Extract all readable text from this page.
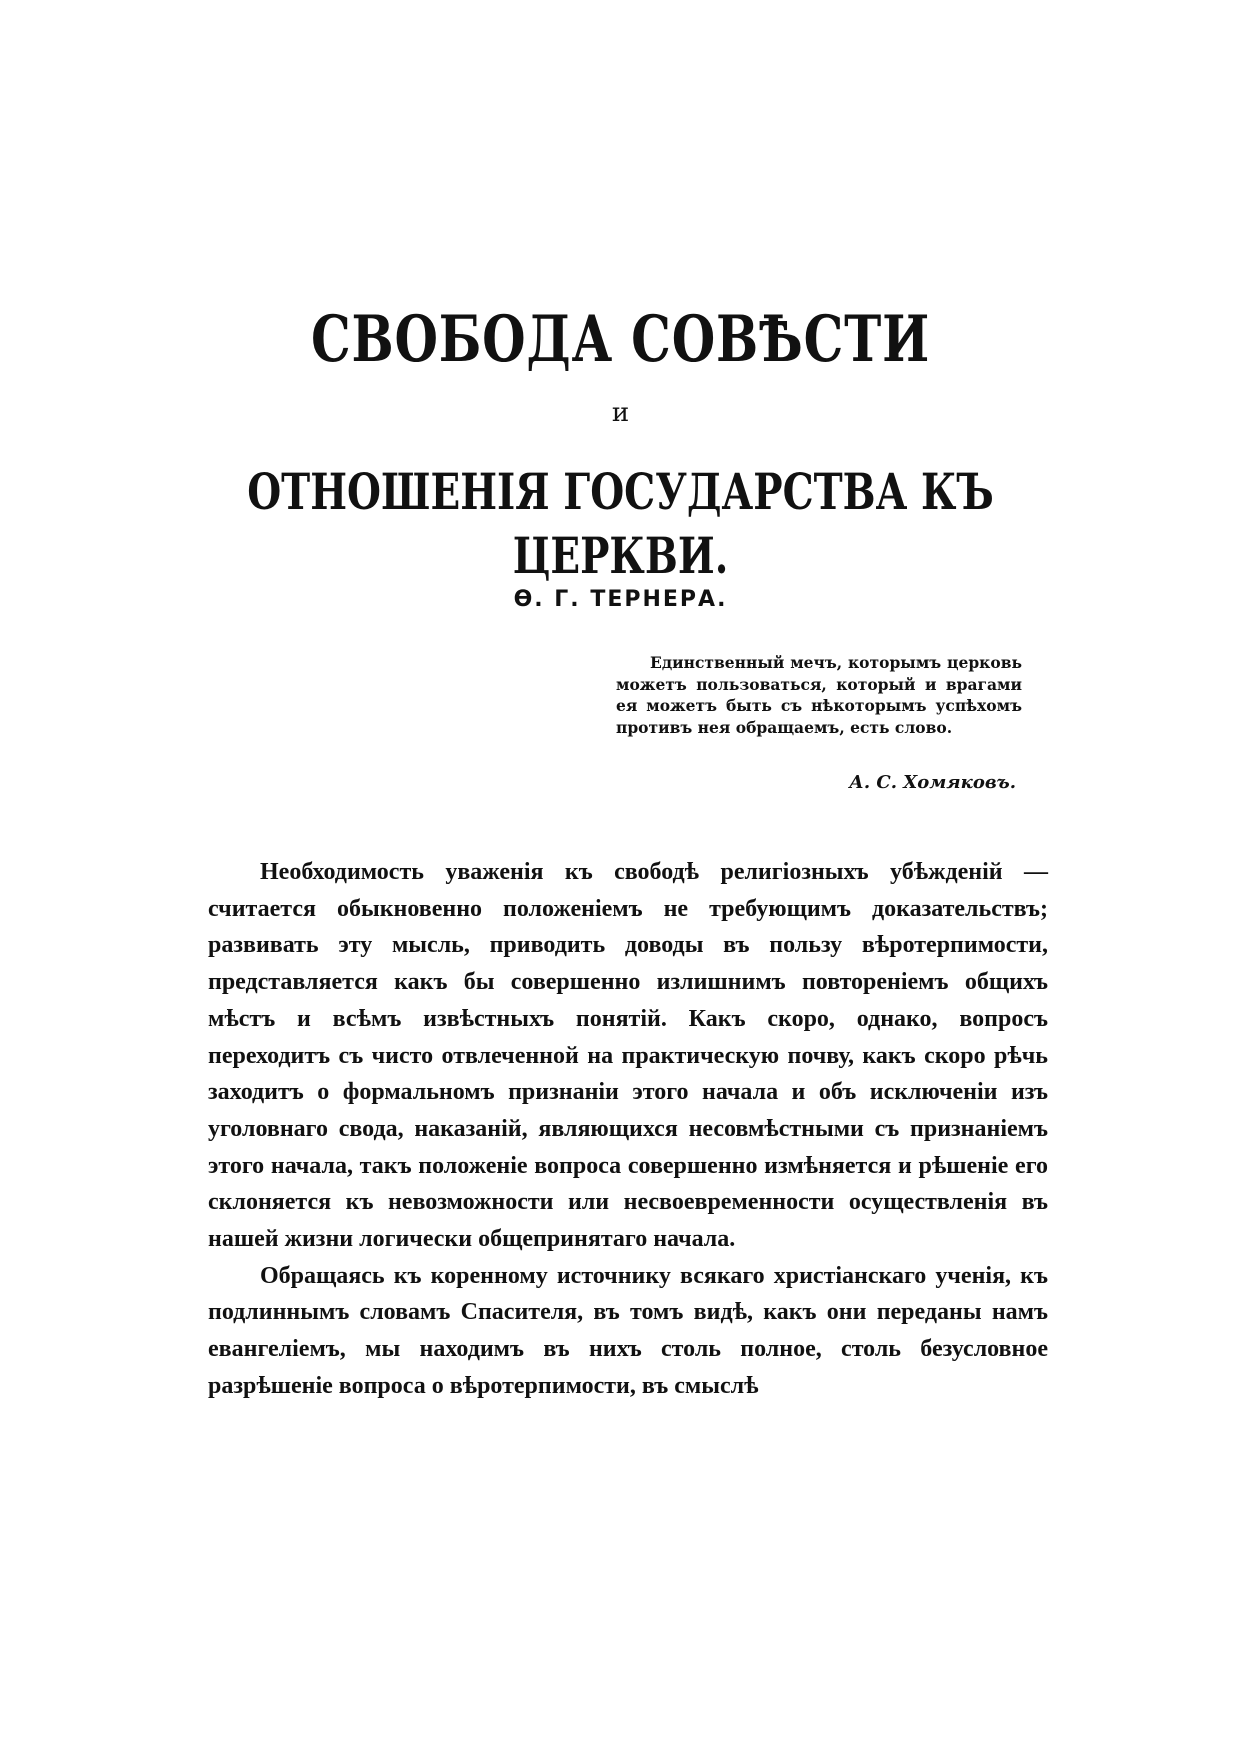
СВОБОДА СОВѢСТИ
и
ОТНОШЕНІЯ ГОСУДАРСТВА КЪ ЦЕРКВИ.
Ѳ. Г. ТЕРНЕРА.
Единственный мечъ, которымъ церковь можетъ пользоваться, который и врагами ея можетъ быть съ нѣкоторымъ успѣхомъ противъ нея обращаемъ, есть слово.
А. С. Хомяковъ.

Необходимость уваженія къ свободѣ религіозныхъ убѣжденій — считается обыкновенно положеніемъ не требующимъ доказательствъ; развивать эту мысль, приводить доводы въ пользу вѣротерпимости, представляется какъ бы совершенно излишнимъ повтореніемъ общихъ мѣстъ и всѣмъ извѣстныхъ понятій. Какъ скоро, однако, вопросъ переходитъ съ чисто отвлеченной на практическую почву, какъ скоро рѣчь заходитъ о формальномъ признаніи этого начала и объ исключеніи изъ уголовнаго свода, наказаній, являющихся несовмѣстными съ признаніемъ этого начала, такъ положеніе вопроса совершенно измѣняется и рѣшеніе его склоняется къ невозможности или несвоевременности осуществленія въ нашей жизни логически общепринятаго начала.

Обращаясь къ коренному источнику всякаго христіанскаго ученія, къ подлиннымъ словамъ Спасителя, въ томъ видѣ, какъ они переданы намъ евангеліемъ, мы находимъ въ нихъ столь полное, столь безусловное разрѣшеніе вопроса о вѣротерпимости, въ смыслѣ
